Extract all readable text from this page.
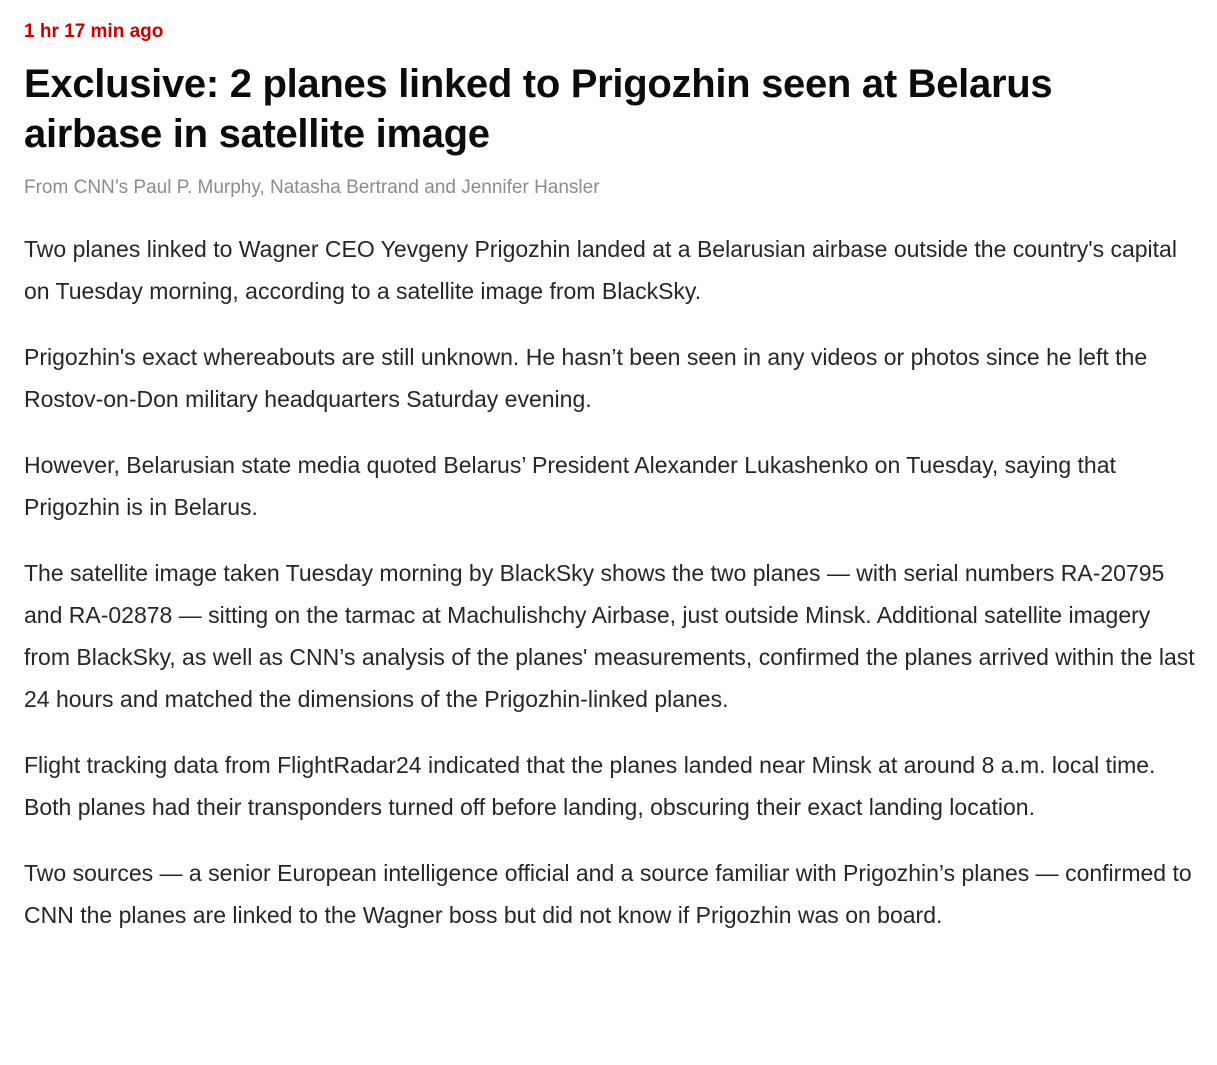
1 hr 17 min ago
Exclusive: 2 planes linked to Prigozhin seen at Belarus airbase in satellite image

From CNN’s Paul P. Murphy, Natasha Bertrand and Jennifer Hansler

Two planes linked to Wagner CEO Yevgeny Prigozhin landed at a Belarusian airbase outside the country's capital on Tuesday morning, according to a satellite image from BlackSky.

Prigozhin's exact whereabouts are still unknown. He hasn’t been seen in any videos or photos since he left the Rostov-on-Don military headquarters Saturday evening.

However, Belarusian state media quoted Belarus’ President Alexander Lukashenko on Tuesday, saying that Prigozhin is in Belarus.

The satellite image taken Tuesday morning by BlackSky shows the two planes — with serial numbers RA-20795 and RA-02878 — sitting on the tarmac at Machulishchy Airbase, just outside Minsk. Additional satellite imagery from BlackSky, as well as CNN’s analysis of the planes' measurements, confirmed the planes arrived within the last 24 hours and matched the dimensions of the Prigozhin-linked planes.

Flight tracking data from FlightRadar24 indicated that the planes landed near Minsk at around 8 a.m. local time. Both planes had their transponders turned off before landing, obscuring their exact landing location.

Two sources — a senior European intelligence official and a source familiar with Prigozhin’s planes — confirmed to CNN the planes are linked to the Wagner boss but did not know if Prigozhin was on board.
